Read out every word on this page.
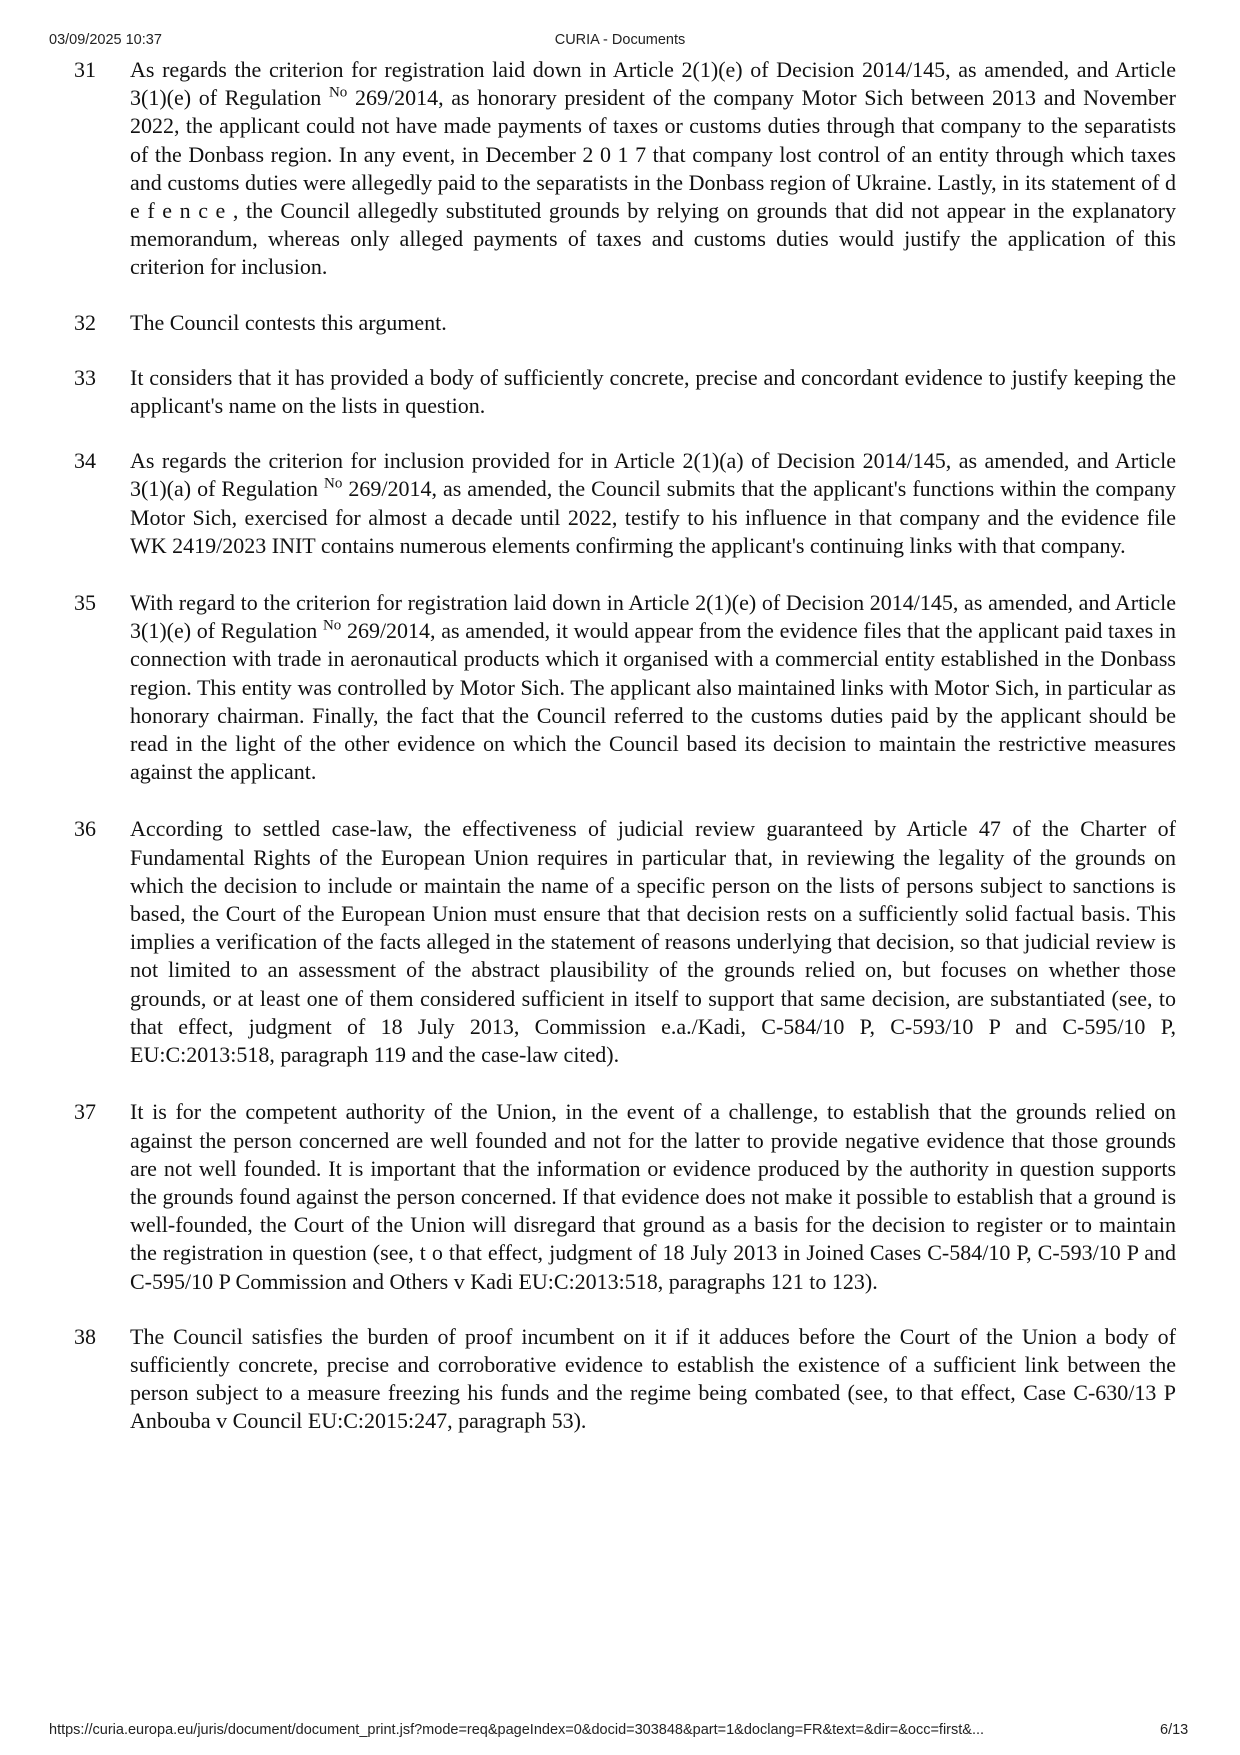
03/09/2025 10:37	CURIA - Documents
31	As regards the criterion for registration laid down in Article 2(1)(e) of Decision 2014/145, as amended, and Article 3(1)(e) of Regulation $^{No}$ 269/2014, as honorary president of the company Motor Sich between 2013 and November 2022, the applicant could not have made payments of taxes or customs duties through that company to the separatists of the Donbass region. In any event, in December 2 0 1 7 that company lost control of an entity through which taxes and customs duties were allegedly paid to the separatists in the Donbass region of Ukraine. Lastly, in its statement of d e f e n c e , the Council allegedly substituted grounds by relying on grounds that did not appear in the explanatory memorandum, whereas only alleged payments of taxes and customs duties would justify the application of this criterion for inclusion.
32	The Council contests this argument.
33	It considers that it has provided a body of sufficiently concrete, precise and concordant evidence to justify keeping the applicant's name on the lists in question.
34	As regards the criterion for inclusion provided for in Article 2(1)(a) of Decision 2014/145, as amended, and Article 3(1)(a) of Regulation $^{No}$ 269/2014, as amended, the Council submits that the applicant's functions within the company Motor Sich, exercised for almost a decade until 2022, testify to his influence in that company and the evidence file WK 2419/2023 INIT contains numerous elements confirming the applicant's continuing links with that company.
35	With regard to the criterion for registration laid down in Article 2(1)(e) of Decision 2014/145, as amended, and Article 3(1)(e) of Regulation $^{No}$ 269/2014, as amended, it would appear from the evidence files that the applicant paid taxes in connection with trade in aeronautical products which it organised with a commercial entity established in the Donbass region. This entity was controlled by Motor Sich. The applicant also maintained links with Motor Sich, in particular as honorary chairman. Finally, the fact that the Council referred to the customs duties paid by the applicant should be read in the light of the other evidence on which the Council based its decision to maintain the restrictive measures against the applicant.
36	According to settled case-law, the effectiveness of judicial review guaranteed by Article 47 of the Charter of Fundamental Rights of the European Union requires in particular that, in reviewing the legality of the grounds on which the decision to include or maintain the name of a specific person on the lists of persons subject to sanctions is based, the Court of the European Union must ensure that that decision rests on a sufficiently solid factual basis. This implies a verification of the facts alleged in the statement of reasons underlying that decision, so that judicial review is not limited to an assessment of the abstract plausibility of the grounds relied on, but focuses on whether those grounds, or at least one of them considered sufficient in itself to support that same decision, are substantiated (see, to that effect, judgment of 18 July 2013, Commission e.a./Kadi, C-584/10 P, C-593/10 P and C-595/10 P, EU:C:2013:518, paragraph 119 and the case-law cited).
37	It is for the competent authority of the Union, in the event of a challenge, to establish that the grounds relied on against the person concerned are well founded and not for the latter to provide negative evidence that those grounds are not well founded. It is important that the information or evidence produced by the authority in question supports the grounds found against the person concerned. If that evidence does not make it possible to establish that a ground is well-founded, the Court of the Union will disregard that ground as a basis for the decision to register or to maintain the registration in question (see, t o that effect, judgment of 18 July 2013 in Joined Cases C-584/10 P, C-593/10 P and C-595/10 P Commission and Others v Kadi EU:C:2013:518, paragraphs 121 to 123).
38	The Council satisfies the burden of proof incumbent on it if it adduces before the Court of the Union a body of sufficiently concrete, precise and corroborative evidence to establish the existence of a sufficient link between the person subject to a measure freezing his funds and the regime being combated (see, to that effect, Case C-630/13 P Anbouba v Council EU:C:2015:247, paragraph 53).
https://curia.europa.eu/juris/document/document_print.jsf?mode=req&pageIndex=0&docid=303848&part=1&doclang=FR&text=&dir=&occ=first&...	6/13
